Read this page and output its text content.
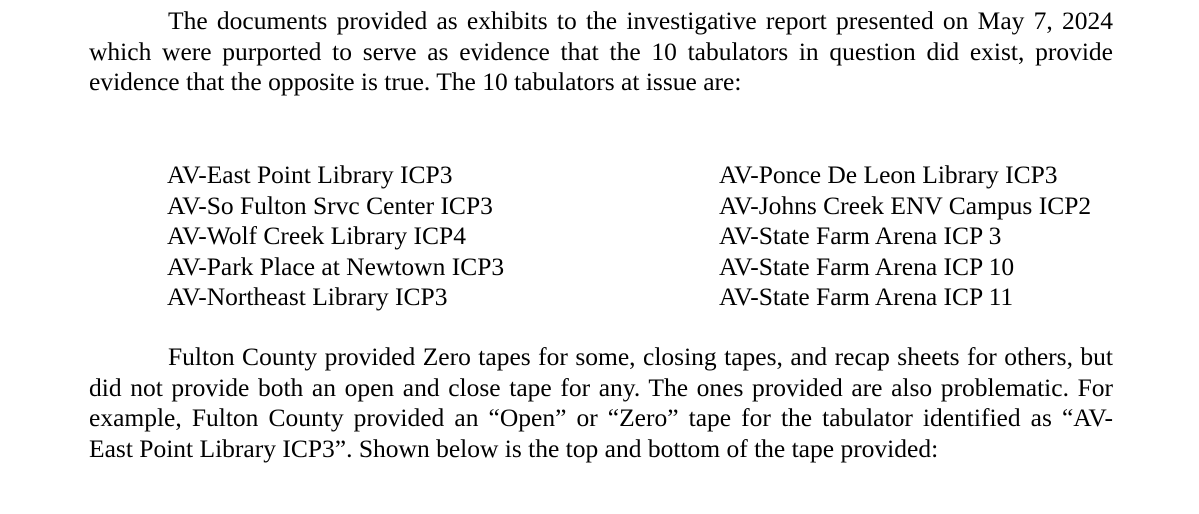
The documents provided as exhibits to the investigative report presented on May 7, 2024
which were purported to serve as evidence that the 10 tabulators in question did exist, provide
evidence that the opposite is true. The 10 tabulators at issue are:
AV-East Point Library ICP3
AV-So Fulton Srvc Center ICP3
AV-Wolf Creek Library ICP4
AV-Park Place at Newtown ICP3
AV-Northeast Library ICP3
AV-Ponce De Leon Library ICP3
AV-Johns Creek ENV Campus ICP2
AV-State Farm Arena ICP 3
AV-State Farm Arena ICP 10
AV-State Farm Arena ICP 11
Fulton County provided Zero tapes for some, closing tapes, and recap sheets for others, but
did not provide both an open and close tape for any. The ones provided are also problematic. For
example, Fulton County provided an “Open” or “Zero” tape for the tabulator identified as “AV-
East Point Library ICP3”. Shown below is the top and bottom of the tape provided:
